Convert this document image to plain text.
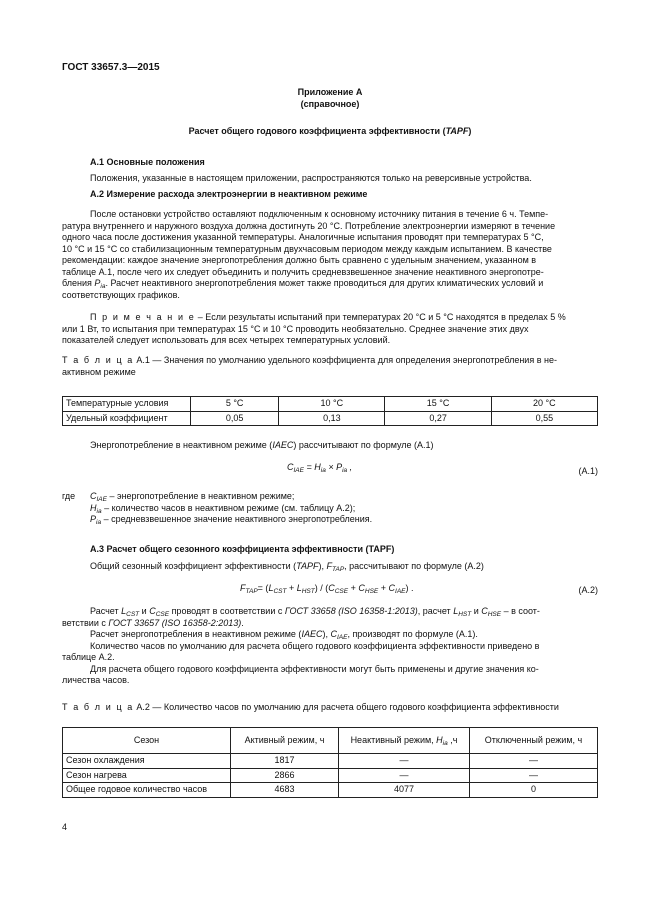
ГОСТ 33657.3—2015
Приложение А
(справочное)
Расчет общего годового коэффициента эффективности (TAPF)
А.1 Основные положения
Положения, указанные в настоящем приложении, распространяются только на реверсивные устройства.
А.2 Измерение расхода электроэнергии в неактивном режиме
После остановки устройство оставляют подключенным к основному источнику питания в течение 6 ч. Темпе-
ратура внутреннего и наружного воздуха должна достигнуть 20 °С. Потребление электроэнергии измеряют в течение
одного часа после достижения указанной температуры. Аналогичные испытания проводят при температурах 5 °С,
10 °С и 15 °С со стабилизационным температурным двухчасовым периодом между каждым испытанием. В качестве
рекомендации: каждое значение энергопотребления должно быть сравнено с удельным значением, указанном в
таблице А.1, после чего их следует объединить и получить средневзвешенное значение неактивного энергопотре-
бления $P_{ia}$. Расчет неактивного энергопотребления может также проводиться для других климатических условий и
соответствующих графиков.
П р и м е ч а н и е – Если результаты испытаний при температурах 20 °С и 5 °С находятся в пределах 5 %
или 1 Вт, то испытания при температурах 15 °С и 10 °С проводить необязательно. Среднее значение этих двух
показателей следует использовать для всех четырех температурных условий.
Т а б л и ц а А.1 — Значения по умолчанию удельного коэффициента для определения энергопотребления в не-
активном режиме
Температурные условия	5 °С	10 °С	15 °С	20 °С
Удельный коэффициент	0,05	0,13	0,27	0,55
Энергопотребление в неактивном режиме (IAEC) рассчитывают по формуле (А.1)
$C_{IAE} = H_{ia} \times P_{ia}$ ,	(А.1)
где $C_{IAE}$ – энергопотребление в неактивном режиме;
$H_{ia}$ – количество часов в неактивном режиме (см. таблицу А.2);
$P_{ia}$ – средневзвешенное значение неактивного энергопотребления.
А.3 Расчет общего сезонного коэффициента эффективности (TAPF)
Общий сезонный коэффициент эффективности (TAPF), $F_{TAP}$, рассчитывают по формуле (А.2)
$F_{TAP}= (L_{CST} + L_{HST}) / (C_{CSE} + C_{HSE} + C_{IAE})$ .	(А.2)
Расчет $L_{CST}$ и $C_{CSE}$ проводят в соответствии с ГОСТ 33658 (ISO 16358-1:2013), расчет $L_{HST}$ и $C_{HSE}$ – в соот-
ветствии с ГОСТ 33657 (ISO 16358-2:2013).
Расчет энергопотребления в неактивном режиме (IAEC), $C_{IAE}$, производят по формуле (А.1).
Количество часов по умолчанию для расчета общего годового коэффициента эффективности приведено в
таблице А.2.
Для расчета общего годового коэффициента эффективности могут быть применены и другие значения ко-
личества часов.
Т а б л и ц а А.2 — Количество часов по умолчанию для расчета общего годового коэффициента эффективности
Сезон	Активный режим, ч	Неактивный режим, $H_{ia}$ ,ч	Отключенный режим, ч
Сезон охлаждения	1817	—	—
Сезон нагрева	2866	—	—
Общее годовое количество часов	4683	4077	0
4
